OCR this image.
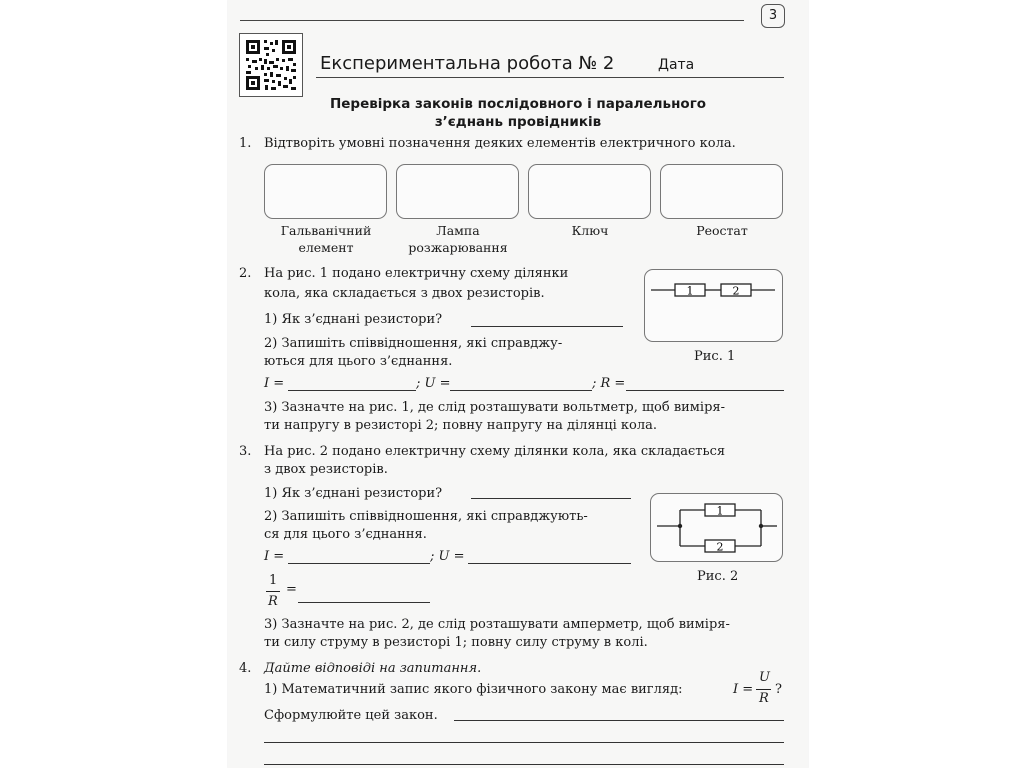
3
Експериментальна робота № 2	Дата
Перевірка законів послідовного і паралельного
з’єднань провідників
1. Відтворіть умовні позначення деяких елементів електричного кола.
Гальванічний
елемент
Лампа
розжарювання
Ключ	Реостат
2. На рис. 1 подано електричну схему ділянки
кола, яка складається з двох резисторів.
1) Як з’єднані резистори?
2) Запишіть співвідношення, які справджу-
ються для цього з’єднання.
I =	; U =	; R =
3) Зазначте на рис. 1, де слід розташувати вольтметр, щоб виміря-
ти напругу в резисторі 2; повну напругу на ділянці кола.
1	2
Рис. 1
3. На рис. 2 подано електричну схему ділянки кола, яка складається
з двох резисторів.
1) Як з’єднані резистори?
2) Запишіть співвідношення, які справджують-
ся для цього з’єднання.
I =	; U =
1
R
=
3) Зазначте на рис. 2, де слід розташувати амперметр, щоб виміря-
ти силу струму в резисторі 1; повну силу струму в колі.
1
2
Рис. 2
4. Дайте відповіді на запитання.
1) Математичний запис якого фізичного закону має вигляд:	I =
U
R
?
Сформулюйте цей закон.
